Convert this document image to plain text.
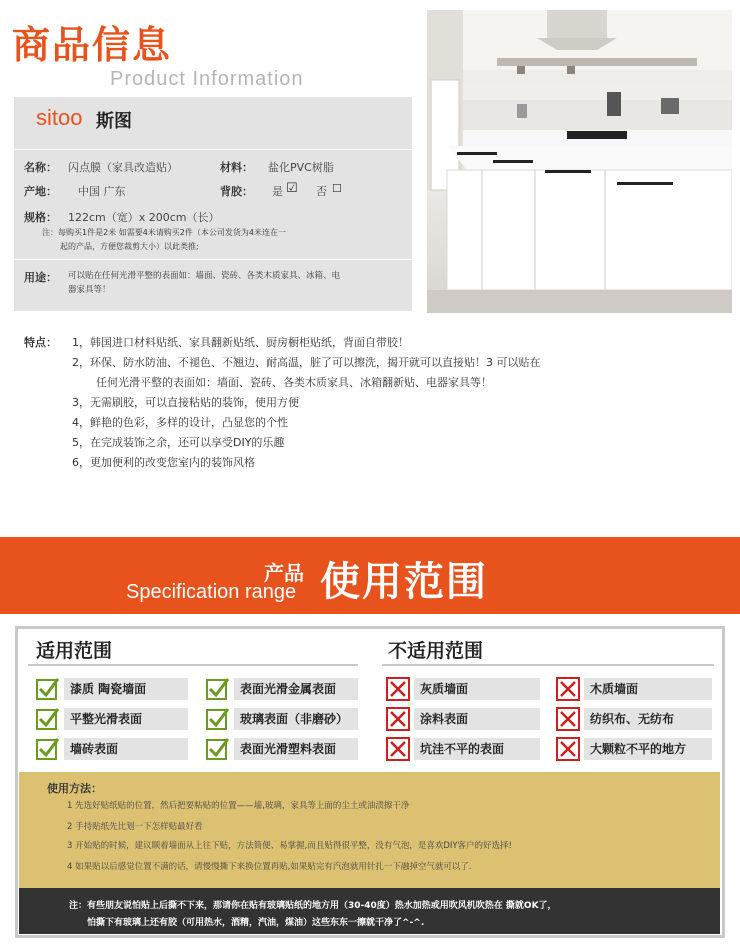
商品信息
Product Information
sitoo 斯图
名称： 闪点膜（家具改造贴）	材料： 盐化PVC树脂
产地： 中国 广东	背胶： 是 ☑ 否 ☐
规格： 122cm（宽）x 200cm（长）
注：每购买1件是2米 如需要4米请购买2件（本公司发货为4米连在一
起的产品，方便您裁剪大小）以此类推;
用途： 可以贴在任何光滑平整的表面如：墙面、瓷砖、各类木质家具、冰箱、电
器家具等！
特点： 1，韩国进口材料贴纸、家具翻新贴纸、厨房橱柜贴纸，背面自带胶！
2，环保、防水防油、不褪色、不翘边、耐高温，脏了可以擦洗，揭开就可以直接贴！3 可以贴在
任何光滑平整的表面如：墙面、瓷砖、各类木质家具、冰箱翻新贴、电器家具等！
3，无需刷胶，可以直接粘贴的装饰，使用方便
4，鲜艳的色彩，多样的设计，凸显您的个性
5，在完成装饰之余，还可以享受DIY的乐趣
6，更加便利的改变您室内的装饰风格
产品 使用范围
Specification range
适用范围	不适用范围
漆质 陶瓷墙面	表面光滑金属表面
平整光滑表面	玻璃表面（非磨砂）
墙砖表面	表面光滑塑料表面
灰质墙面	木质墙面
涂料表面	纺织布、无纺布
坑洼不平的表面	大颗粒不平的地方
使用方法：
1 先选好贴纸贴的位置，然后把要粘贴的位置——墙,玻璃，家具等上面的尘土或油渍擦干净
2 手持贴纸先比划一下怎样贴最好看
3 开始贴的时候，建议顺着墙面从上往下贴，方法简便、易掌握,而且贴得很平整，没有气泡，是喜欢DIY客户的好选择!
4 如果贴以后感觉位置不满的话，请慢慢撕下来换位置再贴,如果贴完有汽泡就用针扎一下融掉空气就可以了.
注：有些朋友说怕贴上后撕不下来，那请你在贴有玻璃贴纸的地方用（30-40度）热水加热或用吹风机吹热在 撕就OK了，
怕撕下有玻璃上还有胶（可用热水，酒精，汽油，煤油）这些东东一擦就干净了^-^.
